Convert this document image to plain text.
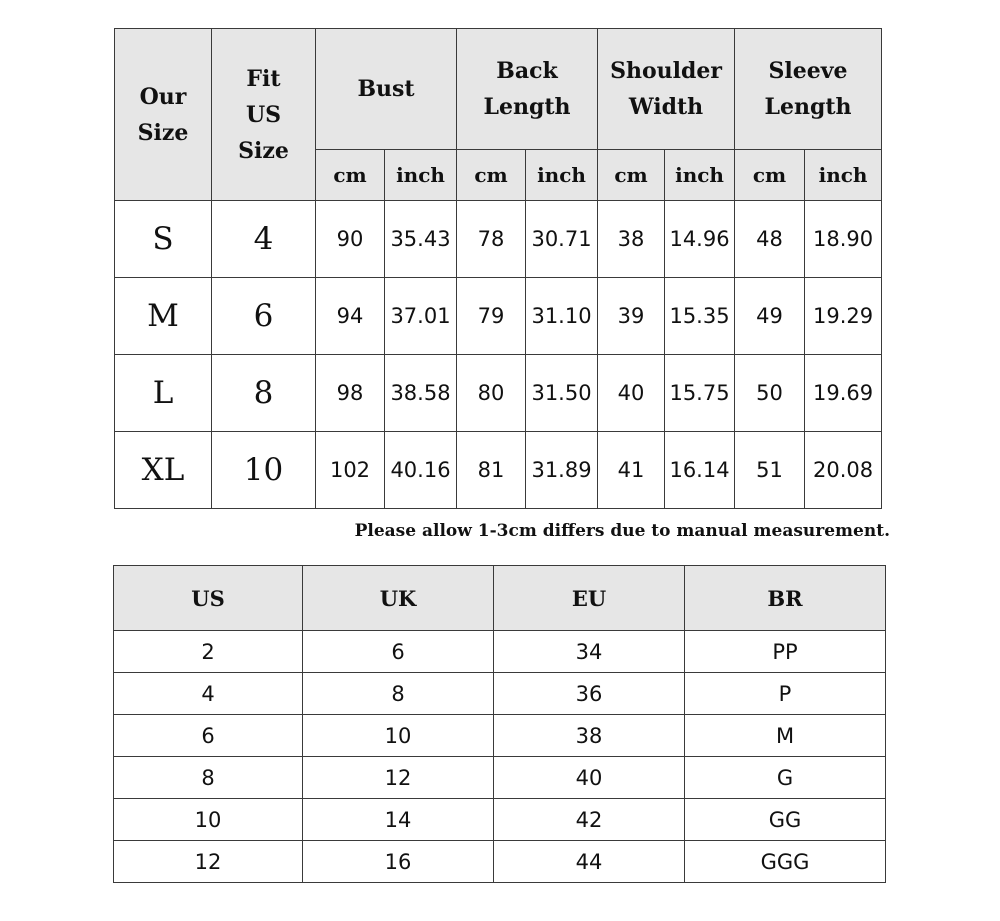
Our Size	Fit US Size	Bust		Back Length		Shoulder Width		Sleeve Length	
		cm	inch	cm	inch	cm	inch	cm	inch
S	4	90	35.43	78	30.71	38	14.96	48	18.90
M	6	94	37.01	79	31.10	39	15.35	49	19.29
L	8	98	38.58	80	31.50	40	15.75	50	19.69
XL	10	102	40.16	81	31.89	41	16.14	51	20.08
Please allow 1-3cm differs due to manual measurement.
US	UK	EU	BR
2	6	34	PP
4	8	36	P
6	10	38	M
8	12	40	G
10	14	42	GG
12	16	44	GGG
